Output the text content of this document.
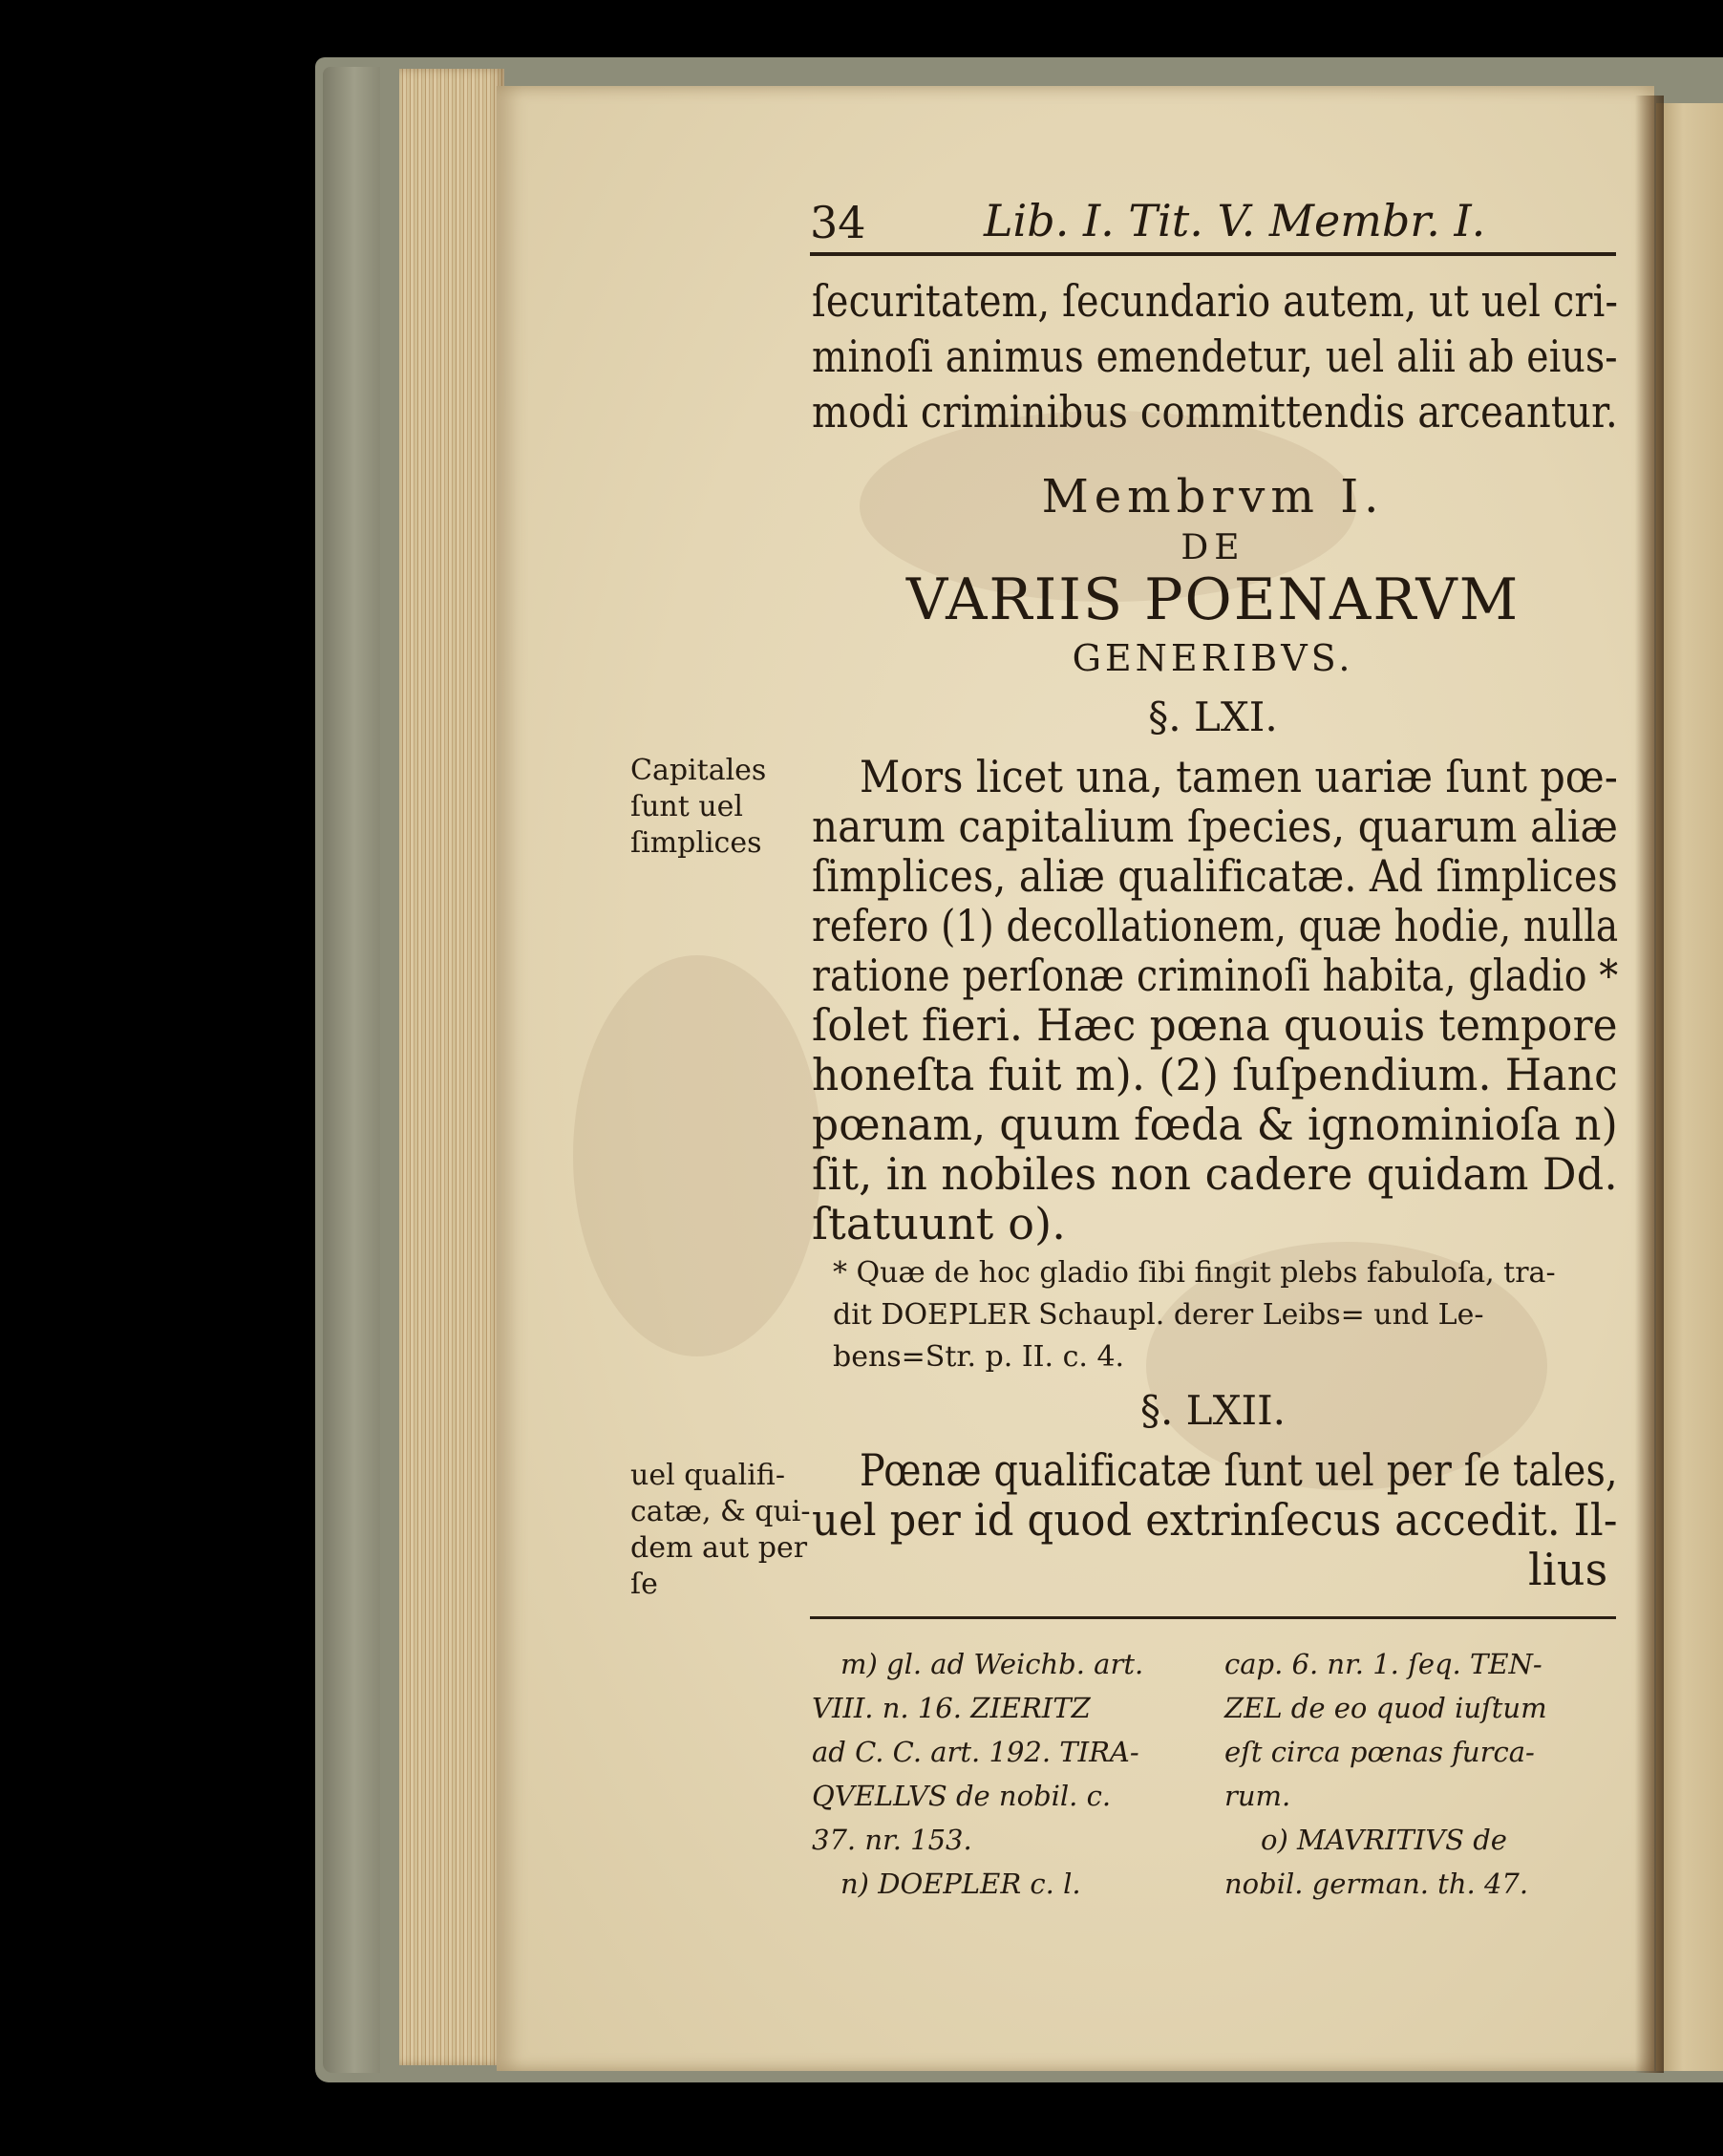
34	Lib. I. Tit. V. Membr. I.

ſecuritatem, ſecundario autem, ut uel cri-

minoſi animus emendetur, uel alii ab eius-

modi criminibus committendis arceantur.

Membrvm I.

DE

VARIIS POENARVM

GENERIBVS.

§. LXI.

Capitales

ſunt uel

ſimplices

Mors licet una, tamen uariæ ſunt pœ-

narum capitalium ſpecies, quarum aliæ

ſimplices, aliæ qualificatæ. Ad ſimplices

refero (1) decollationem, quæ hodie, nulla

ratione perſonæ criminoſi habita, gladio *

ſolet fieri. Hæc pœna quouis tempore

honeſta fuit m). (2) ſuſpendium. Hanc

pœnam, quum fœda & ignominioſa n)

ſit, in nobiles non cadere quidam Dd.

ſtatuunt o).

* Quæ de hoc gladio ſibi fingit plebs fabuloſa, tra-

dit DOEPLER Schaupl. derer Leibs= und Le-

bens=Str. p. II. c. 4.

§. LXII.

uel qualifi-

catæ, & qui-

dem aut per

ſe

Pœnæ qualificatæ ſunt uel per ſe tales,

uel per id quod extrinſecus accedit. Il-

lius

m) gl. ad Weichb. art.

VIII. n. 16. ZIERITZ

ad C. C. art. 192. TIRA-

QVELLVS de nobil. c.

37. nr. 153.

n) DOEPLER c. l.

cap. 6. nr. 1. ſeq. TEN-

ZEL de eo quod iuſtum

eſt circa pœnas furca-

rum.

o) MAVRITIVS de

nobil. german. th. 47.
